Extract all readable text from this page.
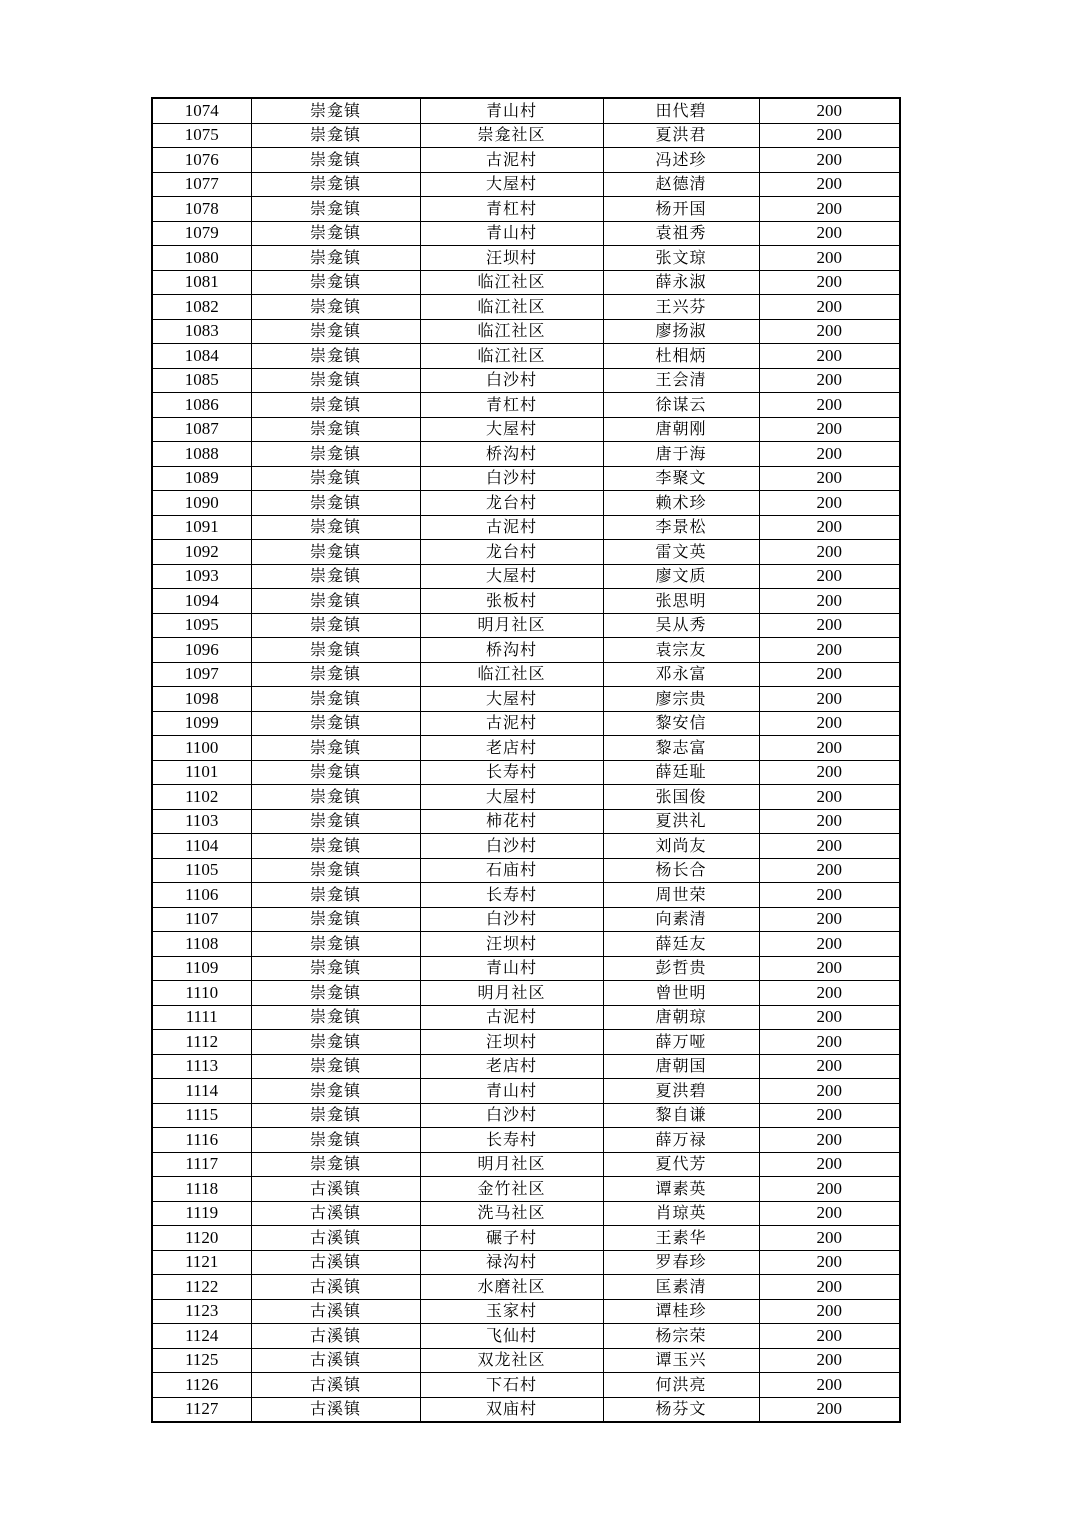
1074	崇龛镇	青山村	田代碧	200
1075	崇龛镇	崇龛社区	夏洪君	200
1076	崇龛镇	古泥村	冯述珍	200
1077	崇龛镇	大屋村	赵德清	200
1078	崇龛镇	青杠村	杨开国	200
1079	崇龛镇	青山村	袁祖秀	200
1080	崇龛镇	汪坝村	张文琼	200
1081	崇龛镇	临江社区	薛永淑	200
1082	崇龛镇	临江社区	王兴芬	200
1083	崇龛镇	临江社区	廖扬淑	200
1084	崇龛镇	临江社区	杜相炳	200
1085	崇龛镇	白沙村	王会清	200
1086	崇龛镇	青杠村	徐谋云	200
1087	崇龛镇	大屋村	唐朝刚	200
1088	崇龛镇	桥沟村	唐于海	200
1089	崇龛镇	白沙村	李聚文	200
1090	崇龛镇	龙台村	赖术珍	200
1091	崇龛镇	古泥村	李景松	200
1092	崇龛镇	龙台村	雷文英	200
1093	崇龛镇	大屋村	廖文质	200
1094	崇龛镇	张板村	张思明	200
1095	崇龛镇	明月社区	吴从秀	200
1096	崇龛镇	桥沟村	袁宗友	200
1097	崇龛镇	临江社区	邓永富	200
1098	崇龛镇	大屋村	廖宗贵	200
1099	崇龛镇	古泥村	黎安信	200
1100	崇龛镇	老店村	黎志富	200
1101	崇龛镇	长寿村	薛廷耻	200
1102	崇龛镇	大屋村	张国俊	200
1103	崇龛镇	柿花村	夏洪礼	200
1104	崇龛镇	白沙村	刘尚友	200
1105	崇龛镇	石庙村	杨长合	200
1106	崇龛镇	长寿村	周世荣	200
1107	崇龛镇	白沙村	向素清	200
1108	崇龛镇	汪坝村	薛廷友	200
1109	崇龛镇	青山村	彭哲贵	200
1110	崇龛镇	明月社区	曾世明	200
1111	崇龛镇	古泥村	唐朝琼	200
1112	崇龛镇	汪坝村	薛万哑	200
1113	崇龛镇	老店村	唐朝国	200
1114	崇龛镇	青山村	夏洪碧	200
1115	崇龛镇	白沙村	黎自谦	200
1116	崇龛镇	长寿村	薛万禄	200
1117	崇龛镇	明月社区	夏代芳	200
1118	古溪镇	金竹社区	谭素英	200
1119	古溪镇	洗马社区	肖琼英	200
1120	古溪镇	碾子村	王素华	200
1121	古溪镇	禄沟村	罗春珍	200
1122	古溪镇	水磨社区	匡素清	200
1123	古溪镇	玉家村	谭桂珍	200
1124	古溪镇	飞仙村	杨宗荣	200
1125	古溪镇	双龙社区	谭玉兴	200
1126	古溪镇	下石村	何洪亮	200
1127	古溪镇	双庙村	杨芬文	200
